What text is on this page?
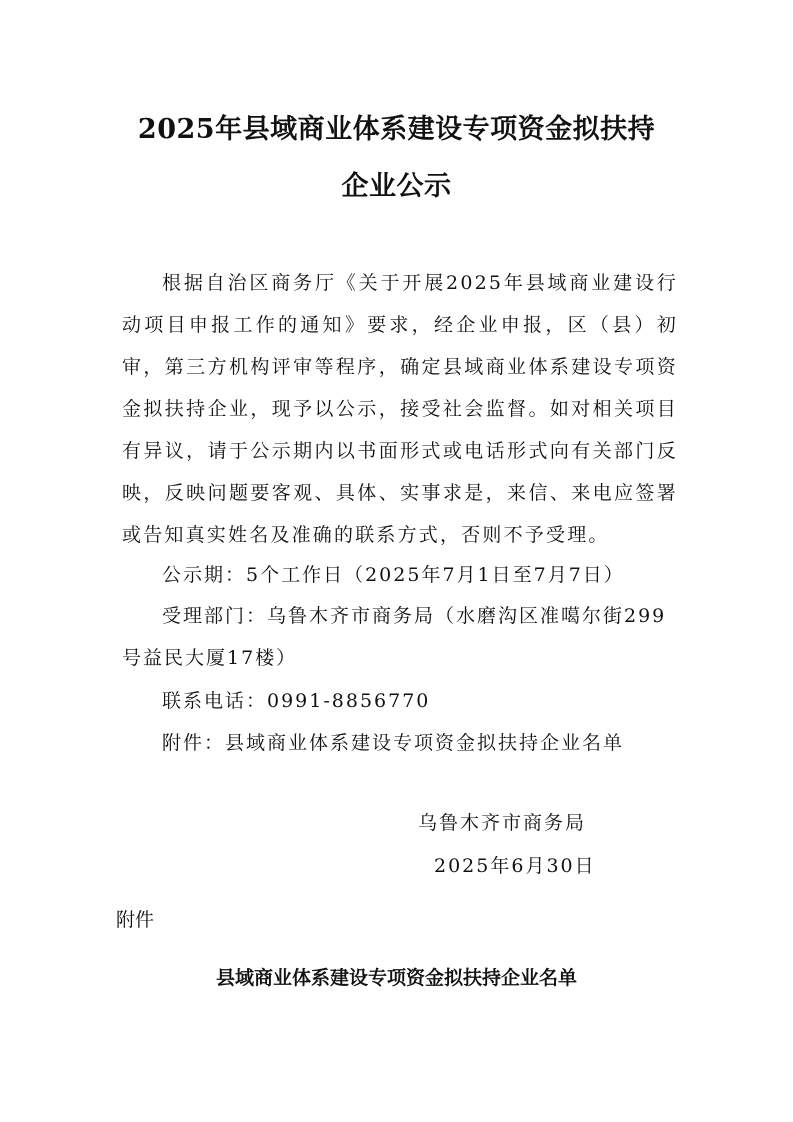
2025年县域商业体系建设专项资金拟扶持
企业公示

根据自治区商务厅《关于开展2025年县域商业建设行动项目申报工作的通知》要求，经企业申报，区（县）初审，第三方机构评审等程序，确定县域商业体系建设专项资金拟扶持企业，现予以公示，接受社会监督。如对相关项目有异议，请于公示期内以书面形式或电话形式向有关部门反映，反映问题要客观、具体、实事求是，来信、来电应签署或告知真实姓名及准确的联系方式，否则不予受理。

公示期：5个工作日（2025年7月1日至7月7日）

受理部门：乌鲁木齐市商务局（水磨沟区准噶尔街299号益民大厦17楼）

联系电话：0991-8856770
附件：县域商业体系建设专项资金拟扶持企业名单
乌鲁木齐市商务局
2025年6月30日
附件
县域商业体系建设专项资金拟扶持企业名单
